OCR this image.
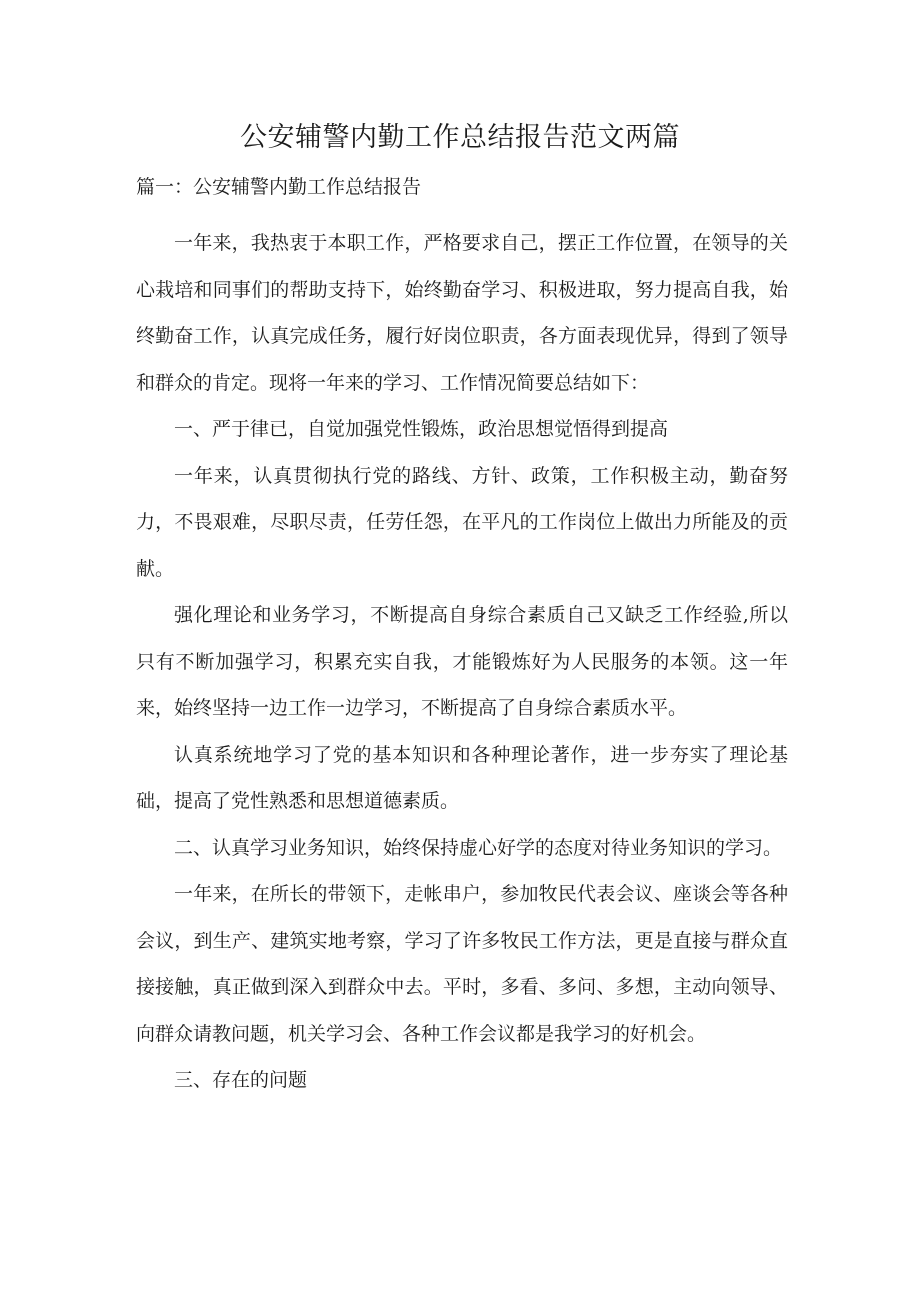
公安辅警内勤工作总结报告范文两篇
篇一：公安辅警内勤工作总结报告

一年来，我热衷于本职工作，严格要求自己，摆正工作位置，在领导的关心栽培和同事们的帮助支持下，始终勤奋学习、积极进取，努力提高自我，始终勤奋工作，认真完成任务，履行好岗位职责，各方面表现优异，得到了领导和群众的肯定。现将一年来的学习、工作情况简要总结如下：

一、严于律已，自觉加强党性锻炼，政治思想觉悟得到提高

一年来，认真贯彻执行党的路线、方针、政策，工作积极主动，勤奋努力，不畏艰难，尽职尽责，任劳任怨，在平凡的工作岗位上做出力所能及的贡献。

强化理论和业务学习，不断提高自身综合素质自己又缺乏工作经验,所以只有不断加强学习，积累充实自我，才能锻炼好为人民服务的本领。这一年来，始终坚持一边工作一边学习，不断提高了自身综合素质水平。

认真系统地学习了党的基本知识和各种理论著作，进一步夯实了理论基础，提高了党性熟悉和思想道德素质。

二、认真学习业务知识，始终保持虚心好学的态度对待业务知识的学习。

一年来，在所长的带领下，走帐串户，参加牧民代表会议、座谈会等各种会议，到生产、建筑实地考察，学习了许多牧民工作方法，更是直接与群众直接接触，真正做到深入到群众中去。平时，多看、多问、多想，主动向领导、向群众请教问题，机关学习会、各种工作会议都是我学习的好机会。

三、存在的问题
